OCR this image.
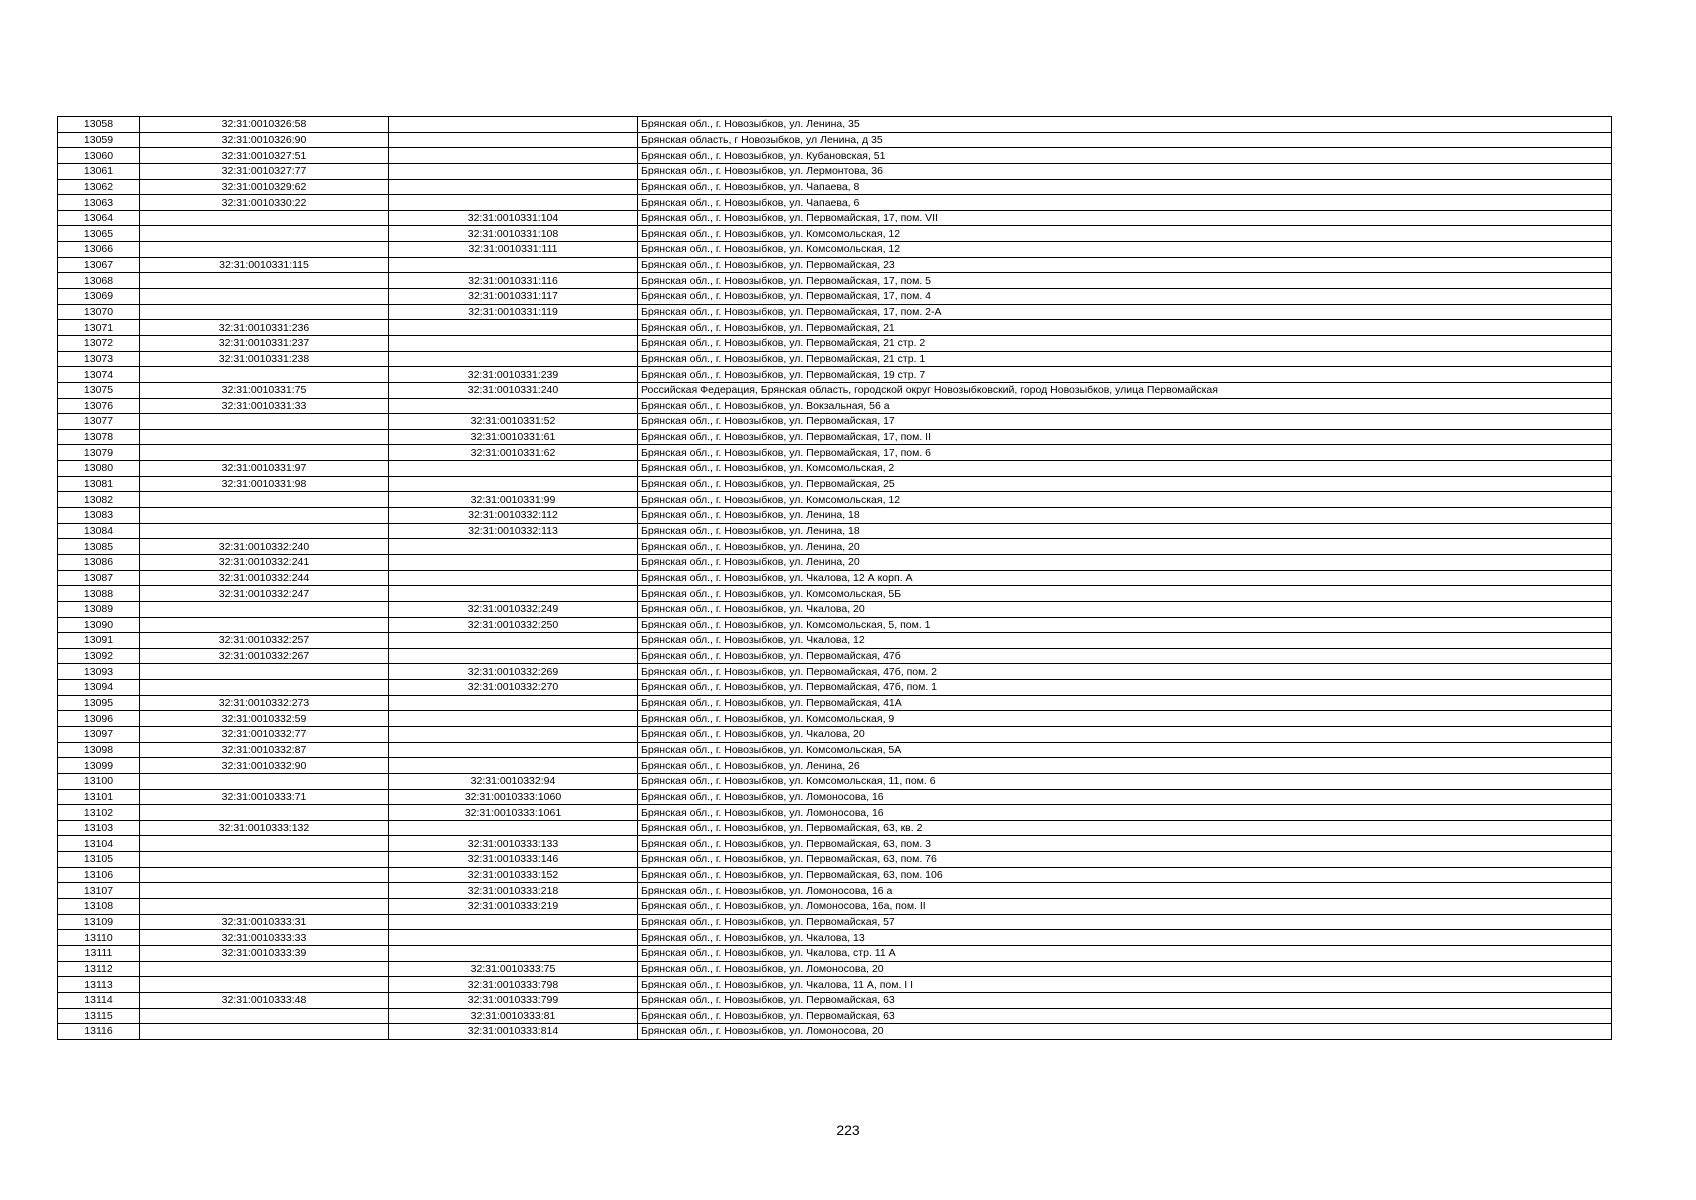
13058	32:31:0010326:58		Брянская обл., г. Новозыбков, ул. Ленина, 35
13059	32:31:0010326:90		Брянская область, г Новозыбков, ул Ленина, д 35
13060	32:31:0010327:51		Брянская обл., г. Новозыбков, ул. Кубановская, 51
13061	32:31:0010327:77		Брянская обл., г. Новозыбков, ул. Лермонтова, 36
13062	32:31:0010329:62		Брянская обл., г. Новозыбков, ул. Чапаева, 8
13063	32:31:0010330:22		Брянская обл., г. Новозыбков, ул. Чапаева, 6
13064		32:31:0010331:104	Брянская обл., г. Новозыбков, ул. Первомайская, 17, пом. VII
13065		32:31:0010331:108	Брянская обл., г. Новозыбков, ул. Комсомольская, 12
13066		32:31:0010331:111	Брянская обл., г. Новозыбков, ул. Комсомольская, 12
13067	32:31:0010331:115		Брянская обл., г. Новозыбков, ул. Первомайская, 23
13068		32:31:0010331:116	Брянская обл., г. Новозыбков, ул. Первомайская, 17, пом. 5
13069		32:31:0010331:117	Брянская обл., г. Новозыбков, ул. Первомайская, 17, пом. 4
13070		32:31:0010331:119	Брянская обл., г. Новозыбков, ул. Первомайская, 17, пом. 2-А
13071	32:31:0010331:236		Брянская обл., г. Новозыбков, ул. Первомайская, 21
13072	32:31:0010331:237		Брянская обл., г. Новозыбков, ул. Первомайская, 21 стр. 2
13073	32:31:0010331:238		Брянская обл., г. Новозыбков, ул. Первомайская, 21 стр. 1
13074		32:31:0010331:239	Брянская обл., г. Новозыбков, ул. Первомайская, 19 стр. 7
13075	32:31:0010331:75	32:31:0010331:240	Российская Федерация, Брянская область, городской округ Новозыбковский, город Новозыбков, улица Первомайская
13076	32:31:0010331:33		Брянская обл., г. Новозыбков, ул. Вокзальная, 56 а
13077		32:31:0010331:52	Брянская обл., г. Новозыбков, ул. Первомайская, 17
13078		32:31:0010331:61	Брянская обл., г. Новозыбков, ул. Первомайская, 17, пом. II
13079		32:31:0010331:62	Брянская обл., г. Новозыбков, ул. Первомайская, 17, пом. 6
13080	32:31:0010331:97		Брянская обл., г. Новозыбков, ул. Комсомольская, 2
13081	32:31:0010331:98		Брянская обл., г. Новозыбков, ул. Первомайская, 25
13082		32:31:0010331:99	Брянская обл., г. Новозыбков, ул. Комсомольская, 12
13083		32:31:0010332:112	Брянская обл., г. Новозыбков, ул. Ленина, 18
13084		32:31:0010332:113	Брянская обл., г. Новозыбков, ул. Ленина, 18
13085	32:31:0010332:240		Брянская обл., г. Новозыбков, ул. Ленина, 20
13086	32:31:0010332:241		Брянская обл., г. Новозыбков, ул. Ленина, 20
13087	32:31:0010332:244		Брянская обл., г. Новозыбков, ул. Чкалова, 12 А корп. А
13088	32:31:0010332:247		Брянская обл., г. Новозыбков, ул. Комсомольская, 5Б
13089		32:31:0010332:249	Брянская обл., г. Новозыбков, ул. Чкалова, 20
13090		32:31:0010332:250	Брянская обл., г. Новозыбков, ул. Комсомольская, 5, пом. 1
13091	32:31:0010332:257		Брянская обл., г. Новозыбков, ул. Чкалова, 12
13092	32:31:0010332:267		Брянская обл., г. Новозыбков, ул. Первомайская, 47б
13093		32:31:0010332:269	Брянская обл., г. Новозыбков, ул. Первомайская, 47б, пом. 2
13094		32:31:0010332:270	Брянская обл., г. Новозыбков, ул. Первомайская, 47б, пом. 1
13095	32:31:0010332:273		Брянская обл., г. Новозыбков, ул. Первомайская, 41А
13096	32:31:0010332:59		Брянская обл., г. Новозыбков, ул. Комсомольская, 9
13097	32:31:0010332:77		Брянская обл., г. Новозыбков, ул. Чкалова, 20
13098	32:31:0010332:87		Брянская обл., г. Новозыбков, ул. Комсомольская, 5А
13099	32:31:0010332:90		Брянская обл., г. Новозыбков, ул. Ленина, 26
13100		32:31:0010332:94	Брянская обл., г. Новозыбков, ул. Комсомольская, 11, пом. 6
13101	32:31:0010333:71	32:31:0010333:1060	Брянская обл., г. Новозыбков, ул. Ломоносова, 16
13102		32:31:0010333:1061	Брянская обл., г. Новозыбков, ул. Ломоносова, 16
13103	32:31:0010333:132		Брянская обл., г. Новозыбков, ул. Первомайская, 63, кв. 2
13104		32:31:0010333:133	Брянская обл., г. Новозыбков, ул. Первомайская, 63, пом. 3
13105		32:31:0010333:146	Брянская обл., г. Новозыбков, ул. Первомайская, 63, пом. 76
13106		32:31:0010333:152	Брянская обл., г. Новозыбков, ул. Первомайская, 63, пом. 106
13107		32:31:0010333:218	Брянская обл., г. Новозыбков, ул. Ломоносова, 16 а
13108		32:31:0010333:219	Брянская обл., г. Новозыбков, ул. Ломоносова, 16а, пом. II
13109	32:31:0010333:31		Брянская обл., г. Новозыбков, ул. Первомайская, 57
13110	32:31:0010333:33		Брянская обл., г. Новозыбков, ул. Чкалова, 13
13111	32:31:0010333:39		Брянская обл., г. Новозыбков, ул. Чкалова, стр. 11 А
13112		32:31:0010333:75	Брянская обл., г. Новозыбков, ул. Ломоносова, 20
13113		32:31:0010333:798	Брянская обл., г. Новозыбков, ул. Чкалова, 11 А, пом. I I
13114	32:31:0010333:48	32:31:0010333:799	Брянская обл., г. Новозыбков, ул. Первомайская, 63
13115		32:31:0010333:81	Брянская обл., г. Новозыбков, ул. Первомайская, 63
13116		32:31:0010333:814	Брянская обл., г. Новозыбков, ул. Ломоносова, 20
223
